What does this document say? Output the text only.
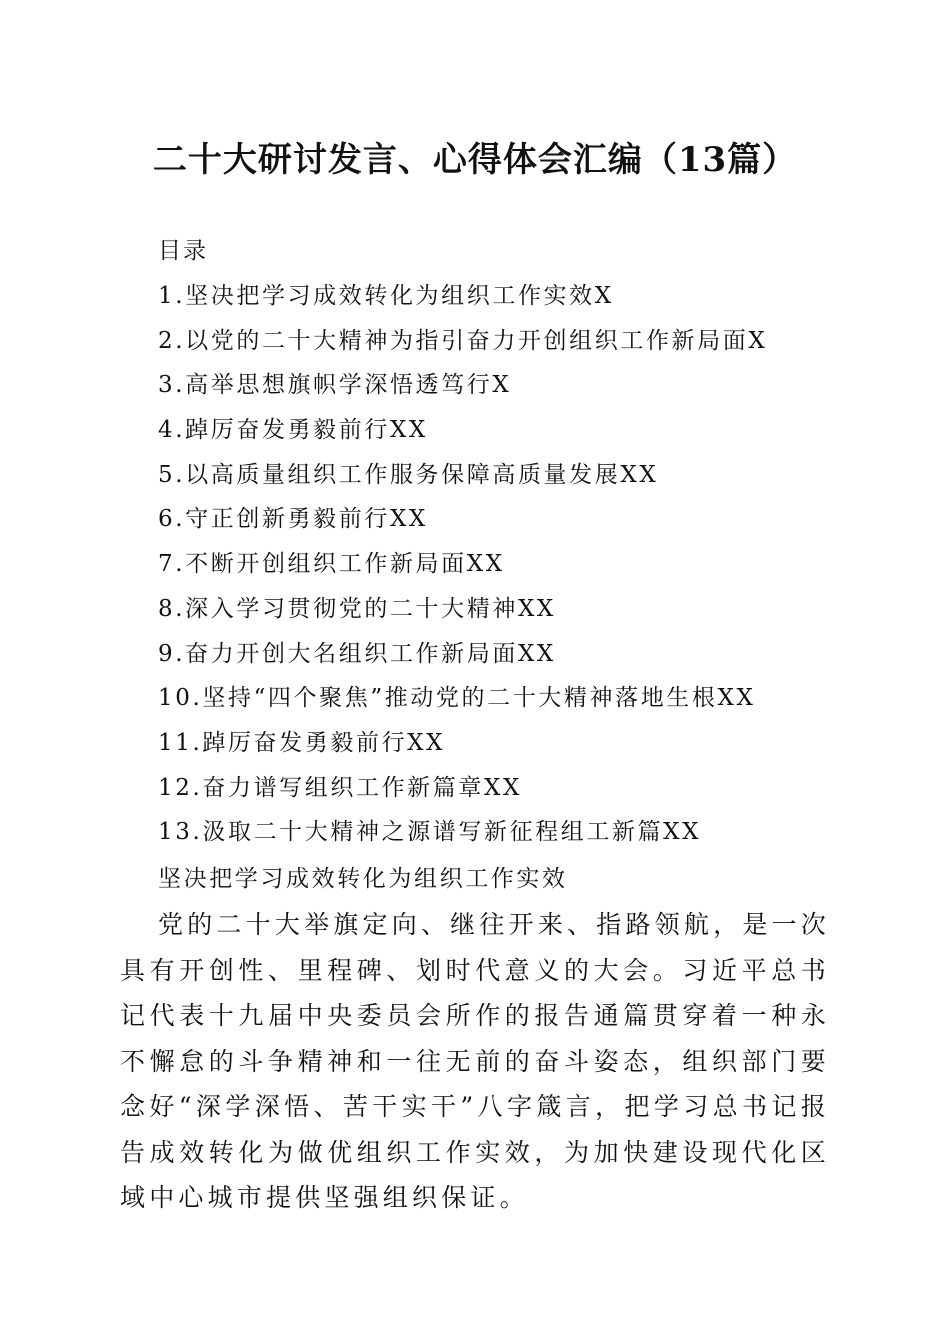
二十大研讨发言、心得体会汇编（13篇）

目录

1.坚决把学习成效转化为组织工作实效X
2.以党的二十大精神为指引奋力开创组织工作新局面X
3.高举思想旗帜学深悟透笃行X
4.踔厉奋发勇毅前行XX
5.以高质量组织工作服务保障高质量发展XX
6.守正创新勇毅前行XX
7.不断开创组织工作新局面XX
8.深入学习贯彻党的二十大精神XX
9.奋力开创大名组织工作新局面XX
10.坚持“四个聚焦”推动党的二十大精神落地生根XX
11.踔厉奋发勇毅前行XX
12.奋力谱写组织工作新篇章XX
13.汲取二十大精神之源谱写新征程组工新篇XX
坚决把学习成效转化为组织工作实效

党的二十大举旗定向、继往开来、指路领航，是一次具有开创性、里程碑、划时代意义的大会。习近平总书记代表十九届中央委员会所作的报告通篇贯穿着一种永不懈怠的斗争精神和一往无前的奋斗姿态，组织部门要念好“深学深悟、苦干实干”八字箴言，把学习总书记报告成效转化为做优组织工作实效，为加快建设现代化区域中心城市提供坚强组织保证。
